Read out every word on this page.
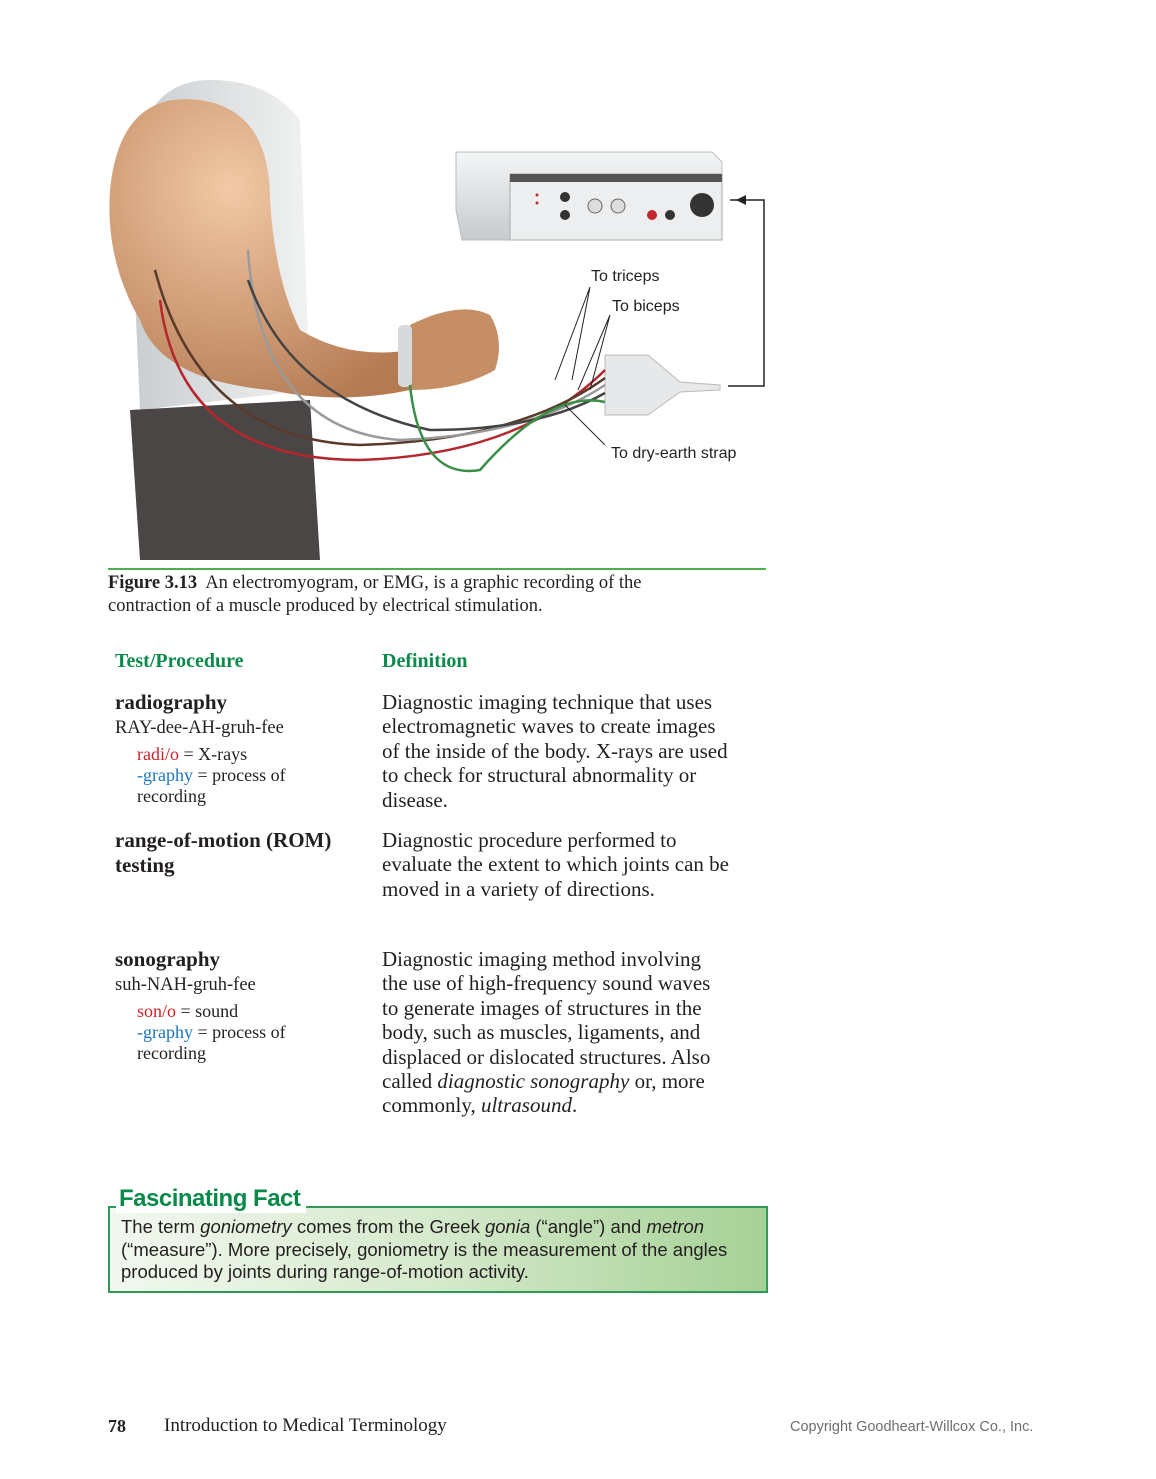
To triceps
To biceps
To dry-earth strap
Figure 3.13 An electromyogram, or EMG, is a graphic recording of the
contraction of a muscle produced by electrical stimulation.
Test/Procedure	Definition
radiography
RAY-dee-AH-gruh-fee
radi/o = X-rays
-graphy = process of
recording
Diagnostic imaging technique that uses
electromagnetic waves to create images
of the inside of the body. X-rays are used
to check for structural abnormality or
disease.
range-of-motion (ROM)
testing
Diagnostic procedure performed to
evaluate the extent to which joints can be
moved in a variety of directions.
sonography
suh-NAH-gruh-fee
son/o = sound
-graphy = process of
recording
Diagnostic imaging method involving
the use of high-frequency sound waves
to generate images of structures in the
body, such as muscles, ligaments, and
displaced or dislocated structures. Also
called diagnostic sonography or, more
commonly, ultrasound.
Fascinating Fact
The term goniometry comes from the Greek gonia (“angle”) and metron
(“measure”). More precisely, goniometry is the measurement of the angles
produced by joints during range-of-motion activity.
78 Introduction to Medical Terminology	Copyright Goodheart-Willcox Co., Inc.
